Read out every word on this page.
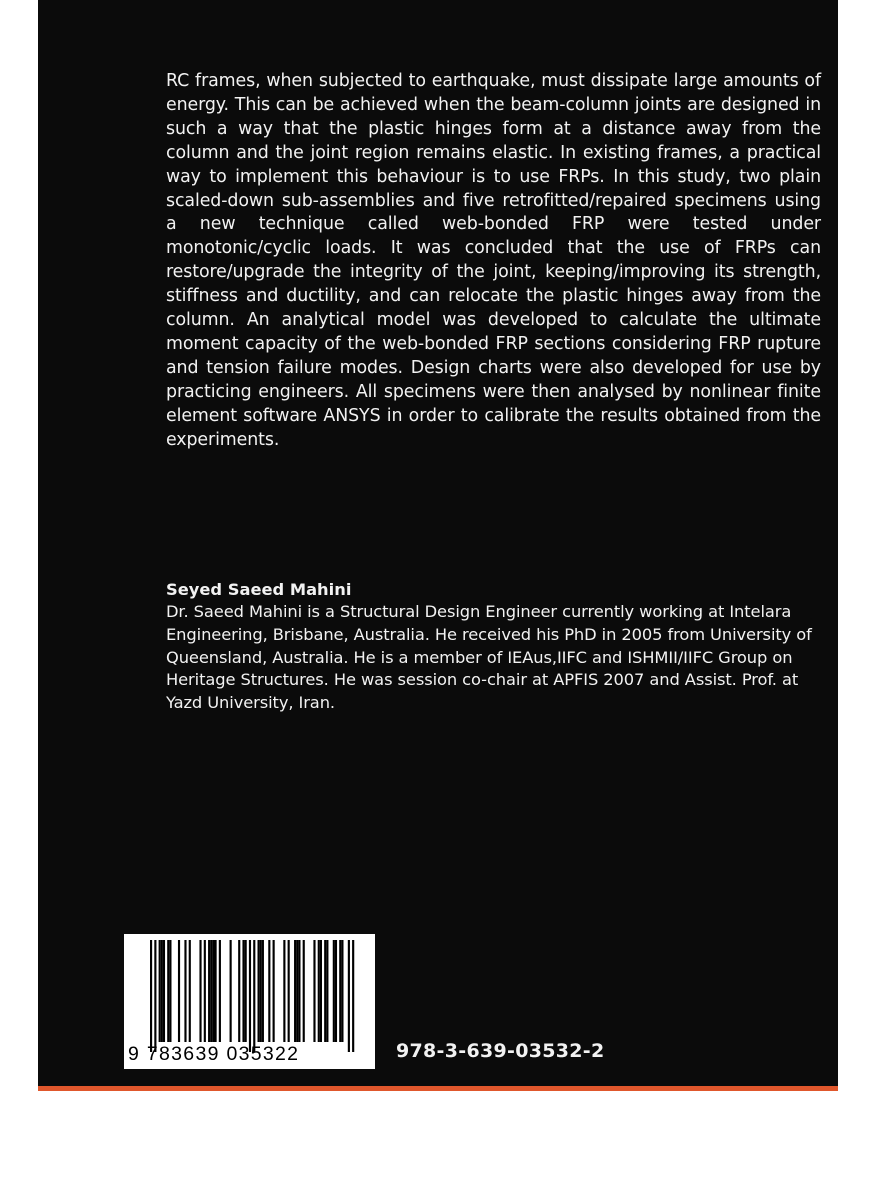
RC frames, when subjected to earthquake, must dissipate large amounts of energy. This can be achieved when the beam-column joints are designed in such a way that the plastic hinges form at a distance away from the column and the joint region remains elastic. In existing frames, a practical way to implement this behaviour is to use FRPs. In this study, two plain scaled-down sub-assemblies and five retrofitted/repaired specimens using a new technique called web-bonded FRP were tested under monotonic/cyclic loads. It was concluded that the use of FRPs can restore/upgrade the integrity of the joint, keeping/improving its strength, stiffness and ductility, and can relocate the plastic hinges away from the column. An analytical model was developed to calculate the ultimate moment capacity of the web-bonded FRP sections considering FRP rupture and tension failure modes. Design charts were also developed for use by practicing engineers. All specimens were then analysed by nonlinear finite element software ANSYS in order to calibrate the results obtained from the experiments.

Seyed Saeed Mahini

Dr. Saeed Mahini is a Structural Design Engineer currently working at Intelara Engineering, Brisbane, Australia. He received his PhD in 2005 from University of Queensland, Australia. He is a member of IEAus,IIFC and ISHMII/IIFC Group on Heritage Structures. He was session co-chair at APFIS 2007 and Assist. Prof. at Yazd University, Iran.

9 783639 035322	978-3-639-03532-2
